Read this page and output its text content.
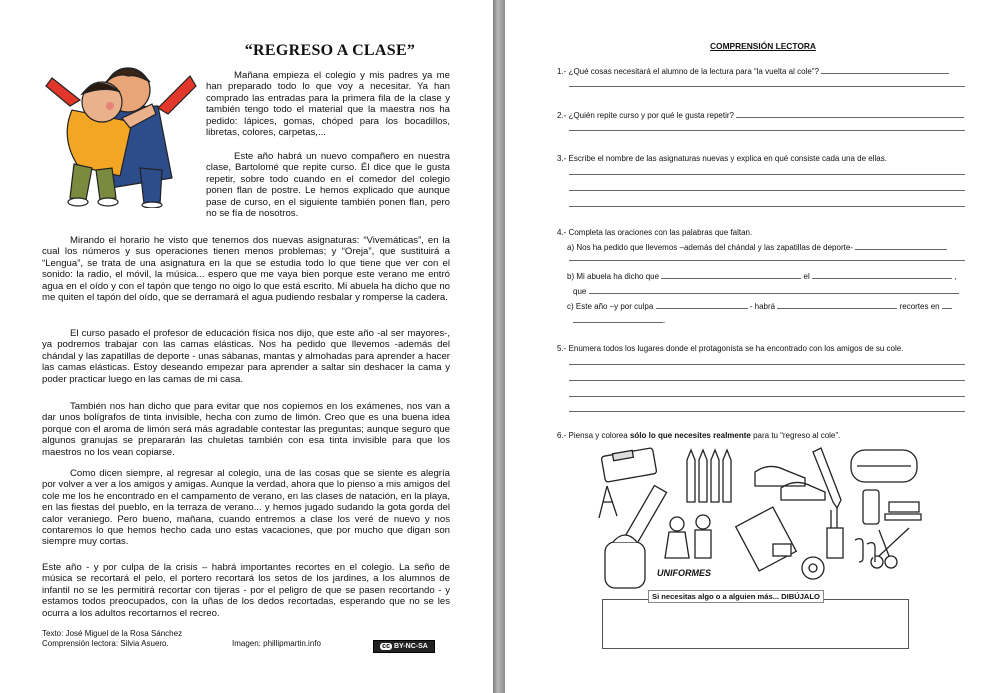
“REGRESO A CLASE”

Mañana empieza el colegio y mis padres ya me han preparado todo lo que voy a necesitar. Ya han comprado las entradas para la primera fila de la clase y también tengo todo el material que la maestra nos ha pedido: lápices, gomas, chóped para los bocadillos, libretas, colores, carpetas,...

Este año habrá un nuevo compañero en nuestra clase, Bartolomé que repite curso. Él dice que le gusta repetir, sobre todo cuando en el comedor del colegio ponen flan de postre. Le hemos explicado que aunque pase de curso, en el siguiente también ponen flan, pero no se fía de nosotros.

Mirando el horario he visto que tenemos dos nuevas asignaturas: “Vivemáticas”, en la cual los números y sus operaciones tienen menos problemas; y “Oreja”, que sustituirá a “Lengua”, se trata de una asignatura en la que se estudia todo lo que tiene que ver con el sonido: la radio, el móvil, la música... espero que me vaya bien porque este verano me entró agua en el oído y con el tapón que tengo no oigo lo que está escrito. Mi abuela ha dicho que no me quiten el tapón del oído, que se derramará el agua pudiendo resbalar y romperse la cadera.

El curso pasado el profesor de educación física nos dijo, que este año -al ser mayores-, ya podremos trabajar con las camas elásticas. Nos ha pedido que llevemos -además del chándal y las zapatillas de deporte - unas sábanas, mantas y almohadas para aprender a hacer las camas elásticas. Estoy deseando empezar para aprender a saltar sin deshacer la cama y poder practicar luego en las camas de mi casa.

También nos han dicho que para evitar que nos copiemos en los exámenes, nos van a dar unos bolígrafos de tinta invisible, hecha con zumo de limón. Creo que es una buena idea porque con el aroma de limón será más agradable contestar las preguntas; aunque seguro que algunos granujas se prepararán las chuletas también con esa tinta invisible para que los maestros no los vean copiarse.

Como dicen siempre, al regresar al colegio, una de las cosas que se siente es alegría por volver a ver a los amigos y amigas. Aunque la verdad, ahora que lo pienso a mis amigos del cole me los he encontrado en el campamento de verano, en las clases de natación, en la playa, en las fiestas del pueblo, en la terraza de verano... y hemos jugado sudando la gota gorda del calor veraniego. Pero bueno, mañana, cuando entremos a clase los veré de nuevo y nos contaremos lo que hemos hecho cada uno estas vacaciones, que por mucho que digan son siempre muy cortas.

Este año - y por culpa de la crisis – habrá importantes recortes en el colegio. La seño de música se recortará el pelo, el portero recortará los setos de los jardines, a los alumnos de infantil no se les permitirá recortar con tijeras - por el peligro de que se pasen recortando - y estamos todos preocupados, con la uñas de los dedos recortadas, esperando que no se les ocurra a los adultos recortarnos el recreo.

Texto: José Miguel de la Rosa Sánchez
Comprensión lectora: Silvia Asuero.	Imagen: phillipmartin.info	cc BY-NC-SA
COMPRENSIÓN LECTORA
1.- ¿Qué cosas necesitará el alumno de la lectura para “la vuelta al cole”?
2.- ¿Quién repite curso y por qué le gusta repetir?
3.- Escribe el nombre de las asignaturas nuevas y explica en qué consiste cada una de ellas.
4.- Completa las oraciones con las palabras que faltan.
a) Nos ha pedido que llevemos –además del chándal y las zapatillas de deporte-
b) Mi abuela ha dicho que	el	,
que
c) Este año –y por culpa	- habrá	recortes en
.
5.- Enumera todos los lugares donde el protagonista se ha encontrado con los amigos de su cole.
6.- Piensa y colorea sólo lo que necesites realmente para tu “regreso al cole”.
UNIFORMES
Si necesitas algo o a alguien más... DIBÚJALO
